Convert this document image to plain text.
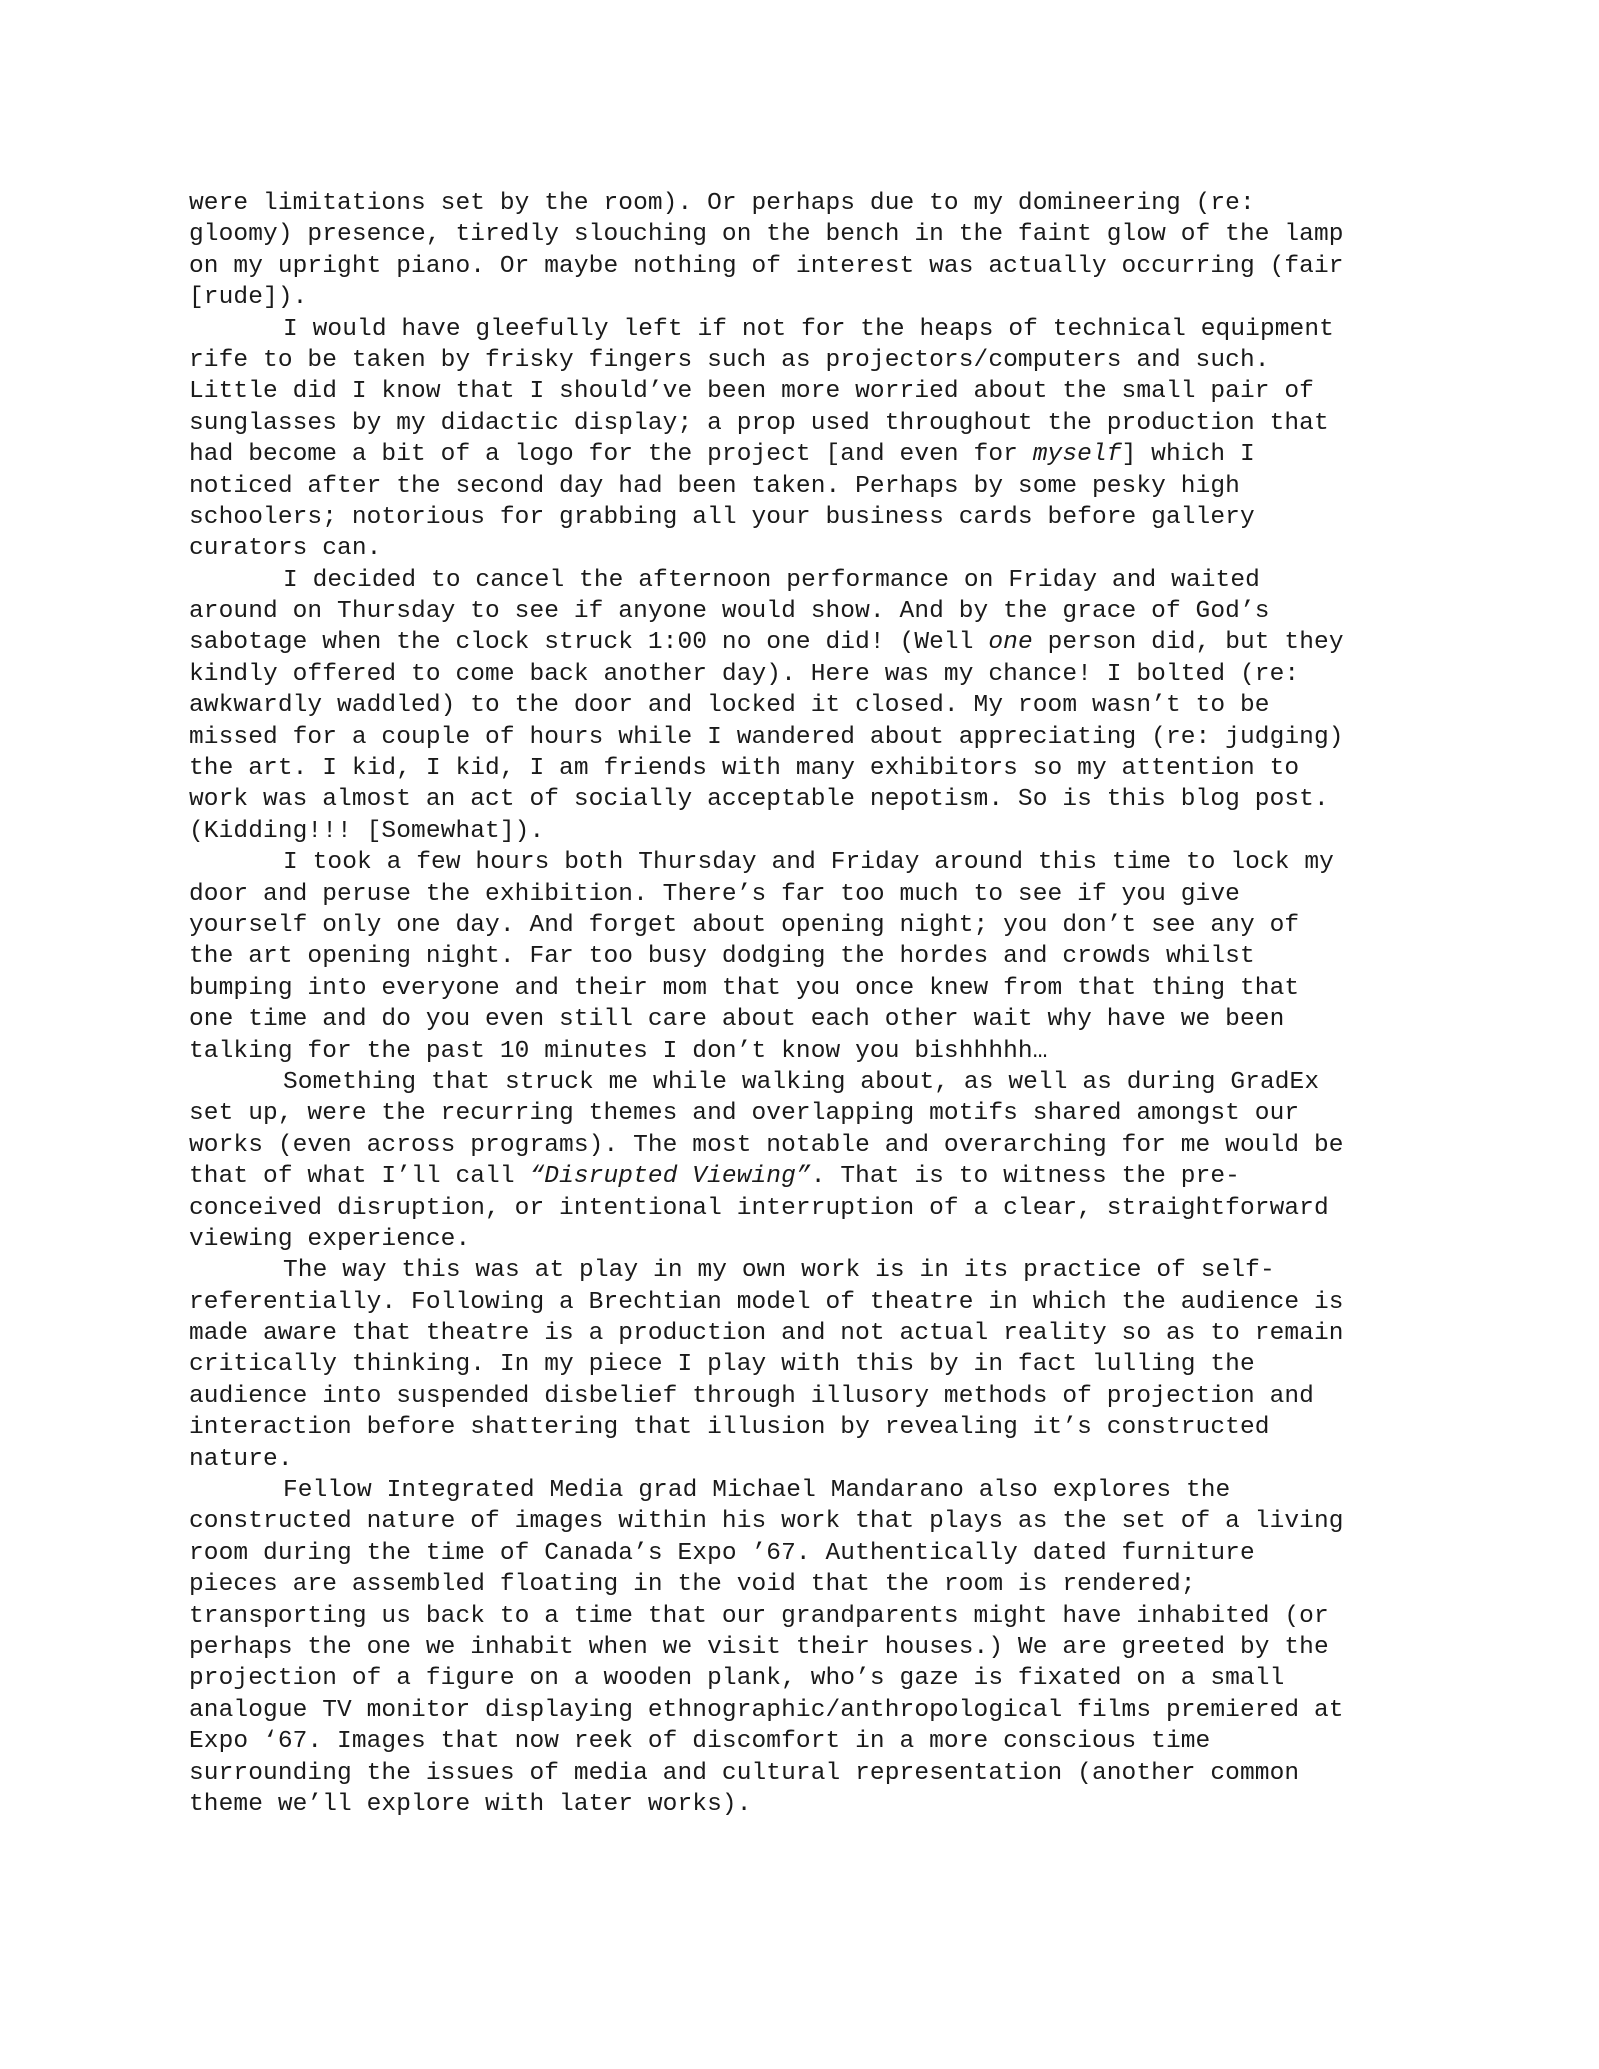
were limitations set by the room). Or perhaps due to my domineering (re:
gloomy) presence, tiredly slouching on the bench in the faint glow of the lamp
on my upright piano. Or maybe nothing of interest was actually occurring (fair
[rude]).
I would have gleefully left if not for the heaps of technical equipment
rife to be taken by frisky fingers such as projectors/computers and such.
Little did I know that I should’ve been more worried about the small pair of
sunglasses by my didactic display; a prop used throughout the production that
had become a bit of a logo for the project [and even for myself] which I
noticed after the second day had been taken. Perhaps by some pesky high
schoolers; notorious for grabbing all your business cards before gallery
curators can.
I decided to cancel the afternoon performance on Friday and waited
around on Thursday to see if anyone would show. And by the grace of God’s
sabotage when the clock struck 1:00 no one did! (Well one person did, but they
kindly offered to come back another day). Here was my chance! I bolted (re:
awkwardly waddled) to the door and locked it closed. My room wasn’t to be
missed for a couple of hours while I wandered about appreciating (re: judging)
the art. I kid, I kid, I am friends with many exhibitors so my attention to
work was almost an act of socially acceptable nepotism. So is this blog post.
(Kidding!!! [Somewhat]).
I took a few hours both Thursday and Friday around this time to lock my
door and peruse the exhibition. There’s far too much to see if you give
yourself only one day. And forget about opening night; you don’t see any of
the art opening night. Far too busy dodging the hordes and crowds whilst
bumping into everyone and their mom that you once knew from that thing that
one time and do you even still care about each other wait why have we been
talking for the past 10 minutes I don’t know you bishhhhh…
Something that struck me while walking about, as well as during GradEx
set up, were the recurring themes and overlapping motifs shared amongst our
works (even across programs). The most notable and overarching for me would be
that of what I’ll call “Disrupted Viewing”. That is to witness the pre-
conceived disruption, or intentional interruption of a clear, straightforward
viewing experience.
The way this was at play in my own work is in its practice of self-
referentially. Following a Brechtian model of theatre in which the audience is
made aware that theatre is a production and not actual reality so as to remain
critically thinking. In my piece I play with this by in fact lulling the
audience into suspended disbelief through illusory methods of projection and
interaction before shattering that illusion by revealing it’s constructed
nature.
Fellow Integrated Media grad Michael Mandarano also explores the
constructed nature of images within his work that plays as the set of a living
room during the time of Canada’s Expo ’67. Authentically dated furniture
pieces are assembled floating in the void that the room is rendered;
transporting us back to a time that our grandparents might have inhabited (or
perhaps the one we inhabit when we visit their houses.) We are greeted by the
projection of a figure on a wooden plank, who’s gaze is fixated on a small
analogue TV monitor displaying ethnographic/anthropological films premiered at
Expo ‘67. Images that now reek of discomfort in a more conscious time
surrounding the issues of media and cultural representation (another common
theme we’ll explore with later works).
